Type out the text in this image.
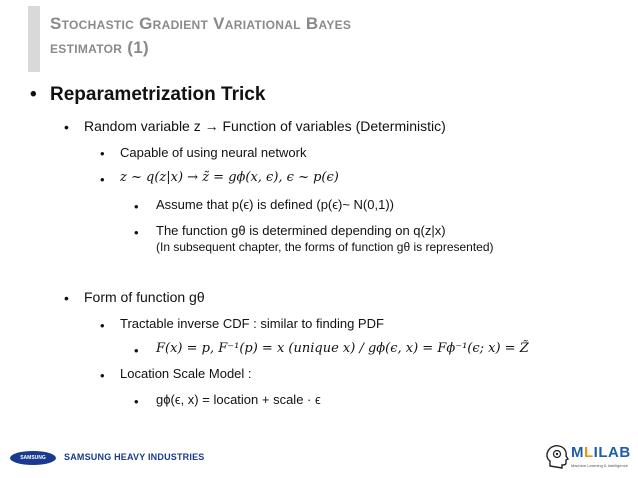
Stochastic Gradient Variational Bayes
estimator (1)
• Reparametrization Trick
• Random variable z → Function of variables (Deterministic)
• Capable of using neural network
• z ~ q(z|x) → z̃ = gϕ(x, ϵ), ϵ ~ p(ϵ)
• Assume that p(ϵ) is defined (p(ϵ)~ N(0,1))
• The function gθ is determined depending on q(z|x)
(In subsequent chapter, the forms of function gθ is represented)
• Form of function gθ
• Tractable inverse CDF : similar to finding PDF
• F(x) = p, F⁻¹(p) = x (unique x) / gϕ(ϵ, x) = Fϕ⁻¹(ϵ; x) = Z̃
• Location Scale Model :
• gϕ(ϵ, x) = location + scale · ϵ
SAMSUNG	SAMSUNG HEAVY INDUSTRIES	MLILAB
Machine Learning & Intelligence
